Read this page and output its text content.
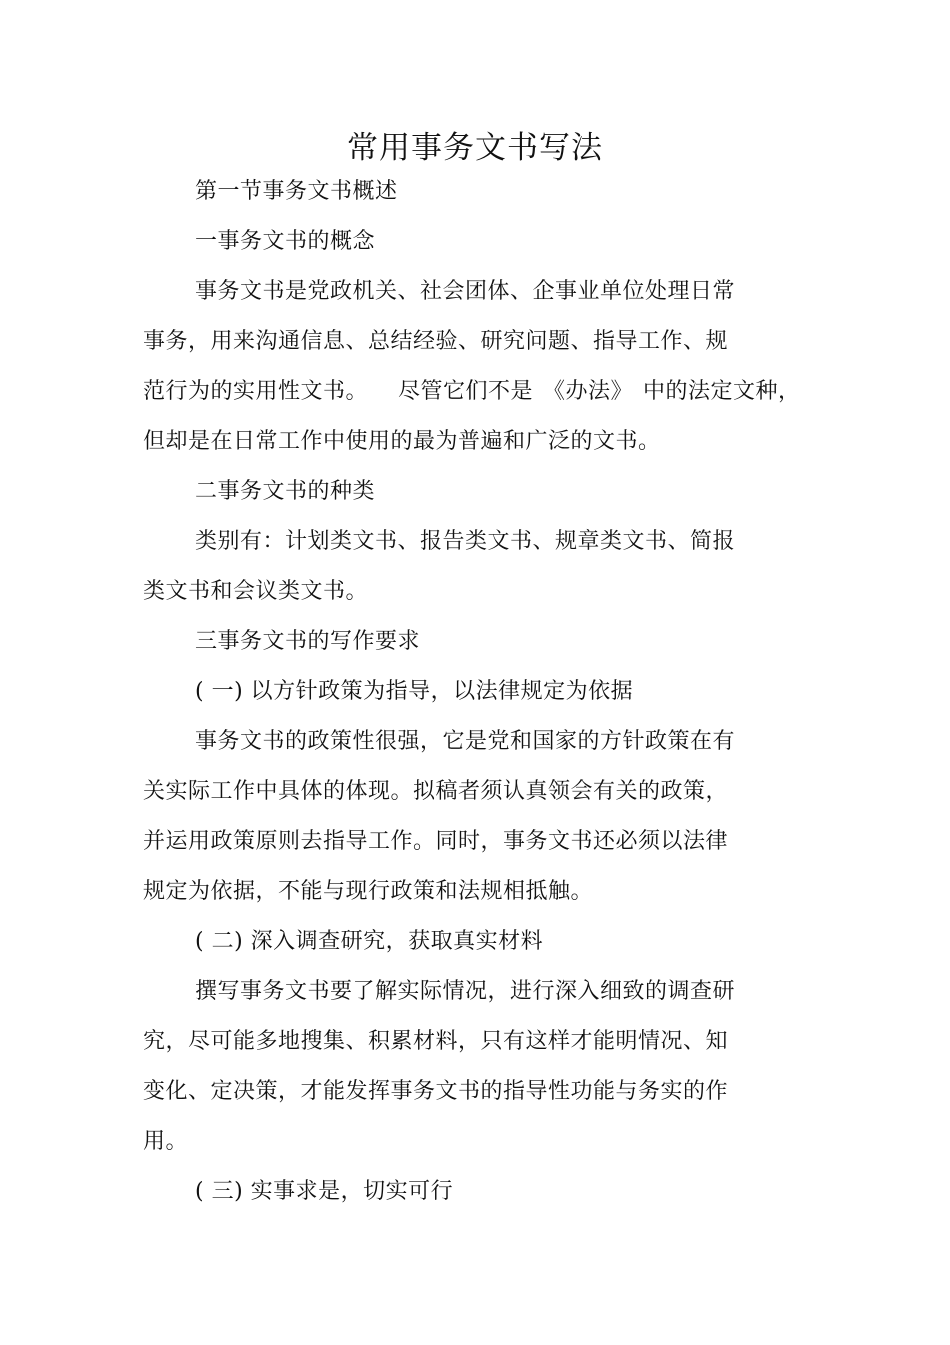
常用事务文书写法
第一节事务文书概述
一事务文书的概念
事务文书是党政机关、社会团体、企事业单位处理日常
事务，用来沟通信息、总结经验、研究问题、指导工作、规
范行为的实用性文书。 尽管它们不是 《办法》 中的法定文种，
但却是在日常工作中使用的最为普遍和广泛的文书。
二事务文书的种类
类别有：计划类文书、报告类文书、规章类文书、简报
类文书和会议类文书。
三事务文书的写作要求
( 一) 以方针政策为指导，以法律规定为依据
事务文书的政策性很强，它是党和国家的方针政策在有
关实际工作中具体的体现。拟稿者须认真领会有关的政策，
并运用政策原则去指导工作。同时，事务文书还必须以法律
规定为依据，不能与现行政策和法规相抵触。
( 二) 深入调查研究，获取真实材料
撰写事务文书要了解实际情况，进行深入细致的调查研
究，尽可能多地搜集、积累材料，只有这样才能明情况、知
变化、定决策，才能发挥事务文书的指导性功能与务实的作
用。
( 三) 实事求是，切实可行
